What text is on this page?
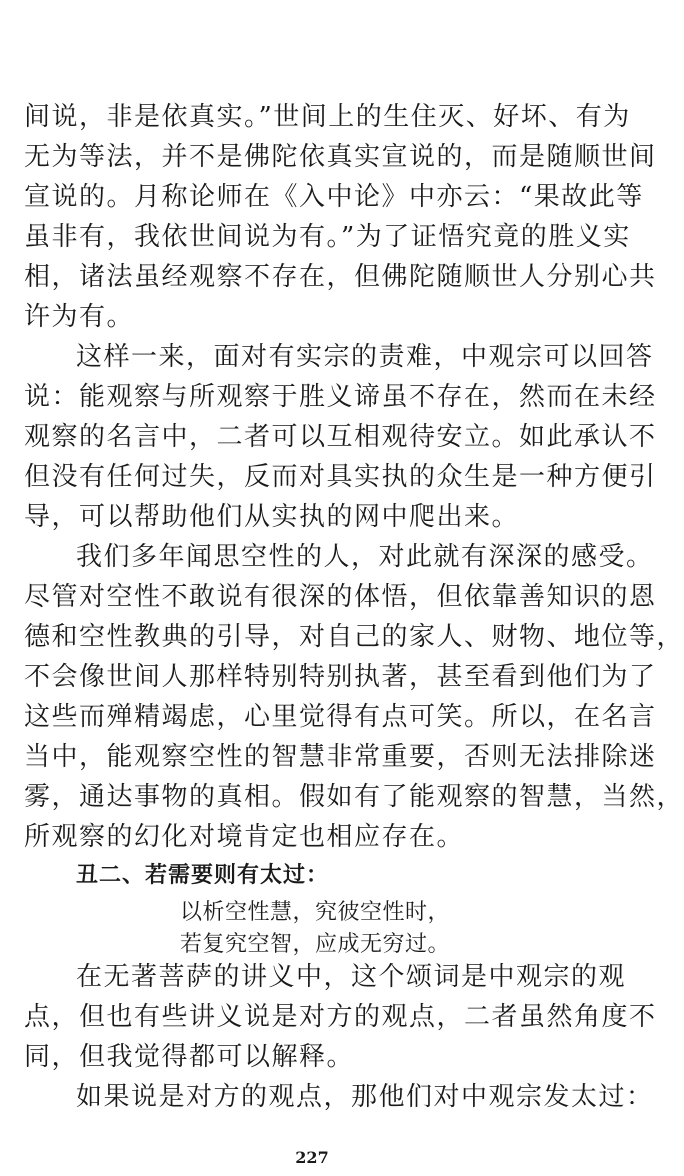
间说，非是依真实。”世间上的生住灭、好坏、有为
无为等法，并不是佛陀依真实宣说的，而是随顺世间
宣说的。月称论师在《入中论》中亦云：“果故此等
虽非有，我依世间说为有。”为了证悟究竟的胜义实
相，诸法虽经观察不存在，但佛陀随顺世人分别心共
许为有。
这样一来，面对有实宗的责难，中观宗可以回答
说：能观察与所观察于胜义谛虽不存在，然而在未经
观察的名言中，二者可以互相观待安立。如此承认不
但没有任何过失，反而对具实执的众生是一种方便引
导，可以帮助他们从实执的网中爬出来。
我们多年闻思空性的人，对此就有深深的感受。
尽管对空性不敢说有很深的体悟，但依靠善知识的恩
德和空性教典的引导，对自己的家人、财物、地位等，
不会像世间人那样特别特别执著，甚至看到他们为了
这些而殚精竭虑，心里觉得有点可笑。所以，在名言
当中，能观察空性的智慧非常重要，否则无法排除迷
雾，通达事物的真相。假如有了能观察的智慧，当然，
所观察的幻化对境肯定也相应存在。
丑二、若需要则有太过：
以析空性慧，究彼空性时，
若复究空智，应成无穷过。
在无著菩萨的讲义中，这个颂词是中观宗的观
点，但也有些讲义说是对方的观点，二者虽然角度不
同，但我觉得都可以解释。
如果说是对方的观点，那他们对中观宗发太过：
227
